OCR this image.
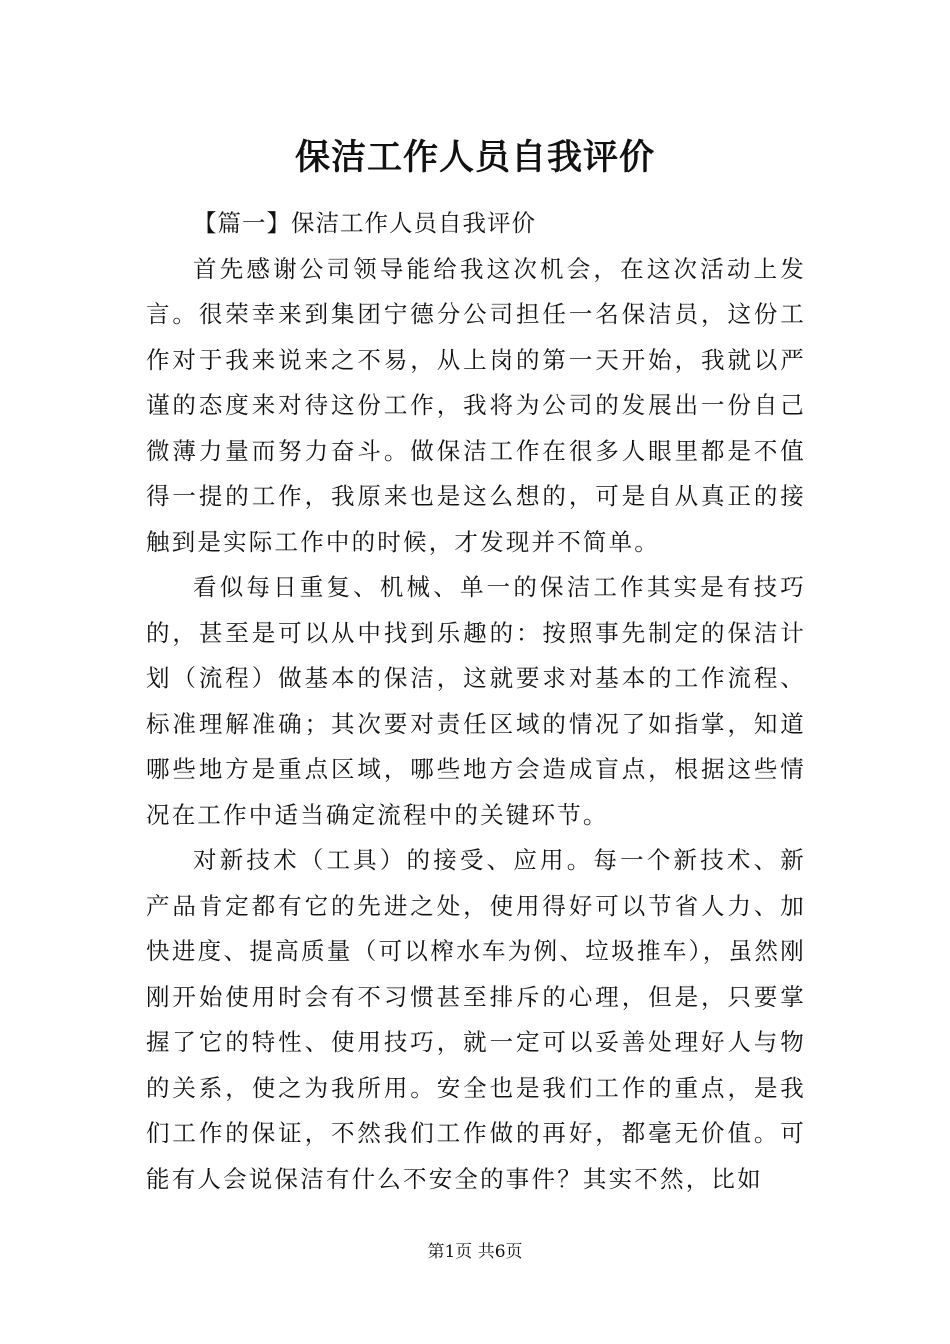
保洁工作人员自我评价

【篇一】保洁工作人员自我评价

首先感谢公司领导能给我这次机会，在这次活动上发言。很荣幸来到集团宁德分公司担任一名保洁员，这份工作对于我来说来之不易，从上岗的第一天开始，我就以严谨的态度来对待这份工作，我将为公司的发展出一份自己微薄力量而努力奋斗。做保洁工作在很多人眼里都是不值得一提的工作，我原来也是这么想的，可是自从真正的接触到是实际工作中的时候，才发现并不简单。

看似每日重复、机械、单一的保洁工作其实是有技巧的，甚至是可以从中找到乐趣的：按照事先制定的保洁计划（流程）做基本的保洁，这就要求对基本的工作流程、标准理解准确；其次要对责任区域的情况了如指掌，知道哪些地方是重点区域，哪些地方会造成盲点，根据这些情况在工作中适当确定流程中的关键环节。

对新技术（工具）的接受、应用。每一个新技术、新产品肯定都有它的先进之处，使用得好可以节省人力、加快进度、提高质量（可以榨水车为例、垃圾推车），虽然刚刚开始使用时会有不习惯甚至排斥的心理，但是，只要掌握了它的特性、使用技巧，就一定可以妥善处理好人与物的关系，使之为我所用。安全也是我们工作的重点，是我们工作的保证，不然我们工作做的再好，都毫无价值。可能有人会说保洁有什么不安全的事件？其实不然，比如

第1页 共6页
